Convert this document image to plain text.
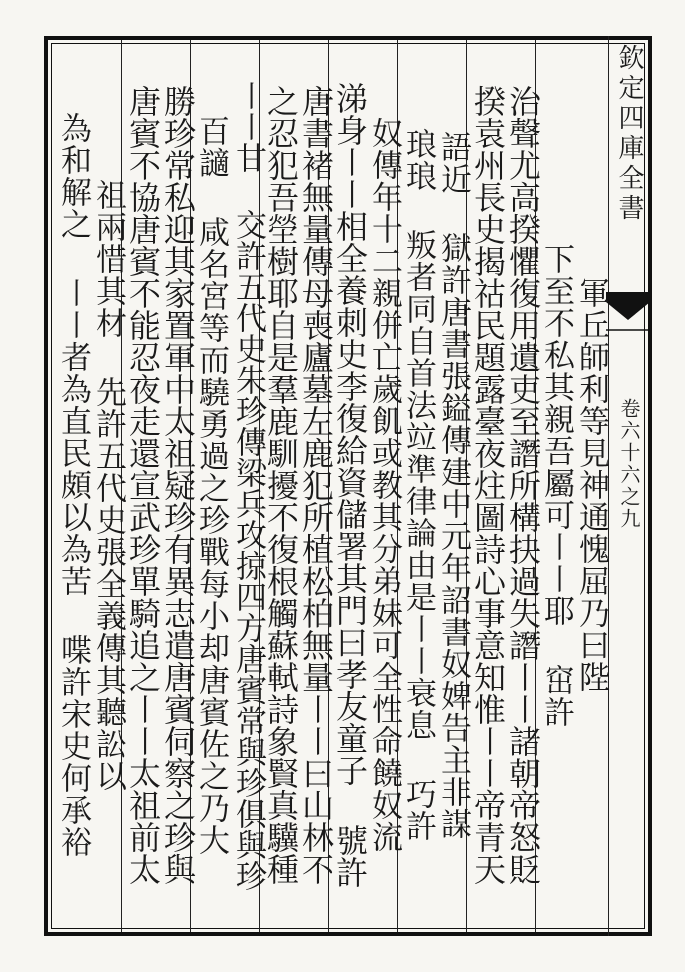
欽定四庫全書
卷六十六之九
軍丘師利等見神通愧屈乃曰陛
下至不私其親吾屬可〡〡耶 窋許
治聲尤高揆懼復用遺吏至譖所構抉過失譖〡〡諸朝帝怒貶
揆袁州長史揭祜民題露臺夜炷圖詩心事意知惟〡〡帝青天
語近 獄許唐書張鎰傳建中元年詔書奴婢告主非謀
琅琅 叛者同自首法竝準律論由是〡〡衰息 巧許
奴傳年十二親併亡歲飢或教其分弟妹可全性命饒奴流
涕身〡〡相全養刺史李復給資儲署其門曰孝友童子 號許
唐書褚無量傳母喪廬墓左鹿犯所植松柏無量〡〡曰山林不
之忍犯吾塋樹耶自是羣鹿馴擾不復根觸蘇軾詩象賢真驥種
〡〡甘 交許五代史朱珍傳梁兵攻掠四方唐賓常與珍俱與珍
百讁 咸名宮等而驍勇過之珍戰每小却唐賓佐之乃大
勝珍常私迎其家置軍中太祖疑珍有異志遣唐賓伺察之珍與
唐賓不協唐賓不能忍夜走還宣武珍單騎追之〡〡太祖前太
祖兩惜其材 先許五代史張全義傳其聽訟以
為和解之 〡〡者為直民頗以為苦 喋許宋史何承裕
